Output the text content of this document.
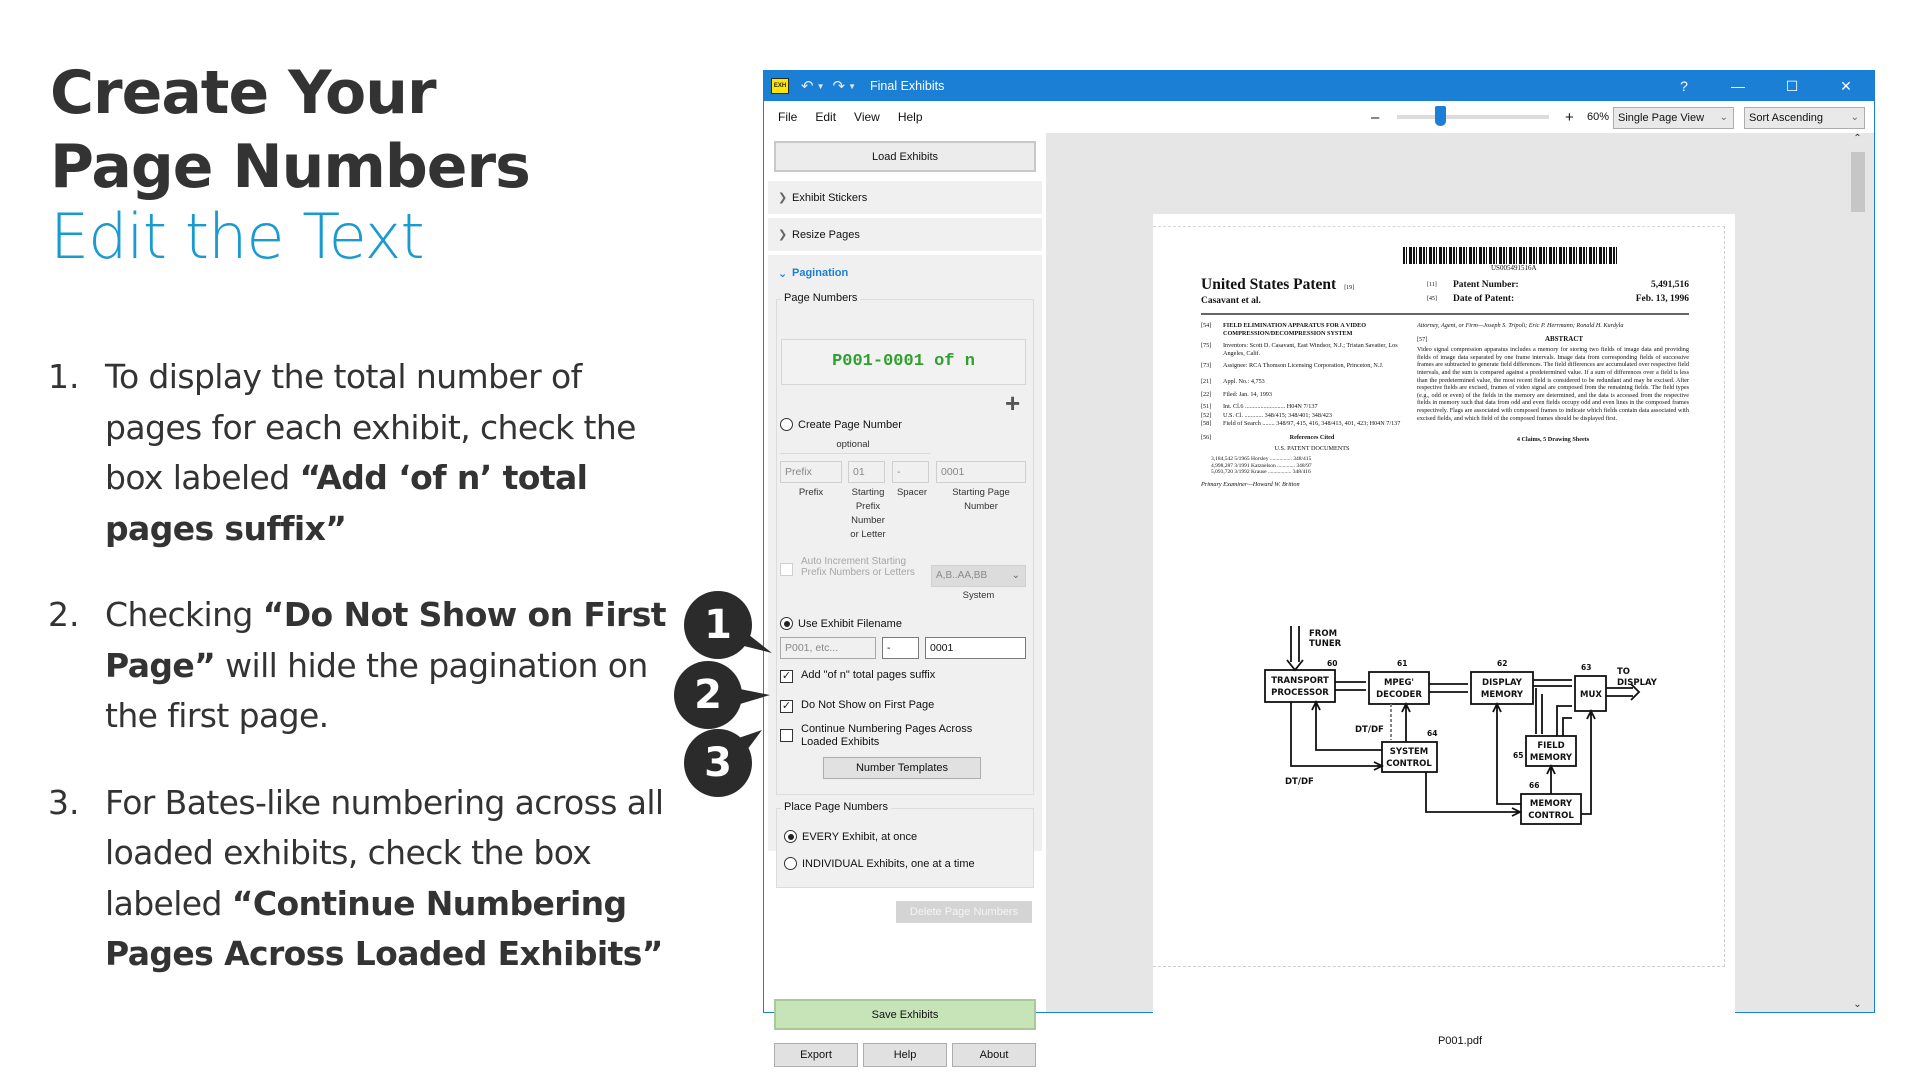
Create Your
Page Numbers
Edit the Text
1. To display the total number of pages for each exhibit, check the box labeled “Add ‘of n’ total pages suffix”
2. Checking “Do Not Show on First Page” will hide the pagination on the first page.
3. For Bates-like numbering across all loaded exhibits, check the box labeled “Continue Numbering Pages Across Loaded Exhibits”
EXH ↶ ▼ ↷ ▼ Final Exhibits	?	—	☐	✕
File	Edit	View	Help	–	+	60% Single Page View ⌄	Sort Ascending	⌄
Load Exhibits
❯ Exhibit Stickers
❯ Resize Pages
⌄ Pagination
Page Numbers
P001-0001 of n
+
Create Page Number
optional
Prefix	01	-	0001
Prefix	Starting Prefix Number or Letter
Spacer	Starting Page Number
Auto Increment Starting Prefix Numbers or Letters	A,B..AA,BB ⌄
System
Use Exhibit Filename
P001, etc...	-	0001
✓ Add "of n" total pages suffix
✓ Do Not Show on First Page
Continue Numbering Pages Across Loaded Exhibits
Number Templates
Place Page Numbers
EVERY Exhibit, at once
INDIVIDUAL Exhibits, one at a time
Delete Page Numbers
Save Exhibits
Export	Help	About
US005491516A
United States Patent [19]
Casavant et al.
[11]	Patent Number:	5,491,516
[45]	Date of Patent:	Feb. 13, 1996
[54]	FIELD ELIMINATION APPARATUS FOR A VIDEO COMPRESSION/DECOMPRESSION SYSTEM
[75]	Inventors: Scott D. Casavant, East Windsor, N.J.; Tristan Savatier, Los Angeles, Calif.
[73]	Assignee: RCA Thomson Licensing Corporation, Princeton, N.J.
[21]	Appl. No.: 4,753
[22]	Filed: Jan. 14, 1993
[51]	Int. Cl.6 .......................... H04N 7/137
[52]	U.S. Cl. ............ 348/415; 348/401; 348/423
[58]	Field of Search ........ 348/97, 415, 416, 348/413, 401, 423; H04N 7/137
[56]	References Cited
U.S. PATENT DOCUMENTS
3,184,542 5/1965 Horsley ................ 348/415
4,998,287 3/1991 Katznelson ............. 348/97
5,093,720 3/1992 Krause ................. 348/416
Primary Examiner—Howard W. Britton
Attorney, Agent, or Firm—Joseph S. Tripoli; Eric P. Herrmann; Ronald H. Kurdyla
[57]	ABSTRACT
Video signal compression apparatus includes a memory for storing two fields of image data and providing fields of image data separated by one frame intervals. Image data from corresponding fields of successive frames are subtracted to generate field differences. The field differences are accumulated over respective field intervals, and the sum is compared against a predetermined value. If a sum of differences over a field is less than the predetermined value, the most recent field is considered to be redundant and may be excised. After respective fields are excised, frames of video signal are composed from the remaining fields. The field types (e.g., odd or even) of the fields in the memory are determined, and the data is accessed from the respective fields in memory such that data from odd and even fields occupy odd and even lines in the composed frames respectively. Flags are associated with composed frames to indicate which fields contain data associated with excised fields, and which field of the composed frames should be displayed first.
4 Claims, 5 Drawing Sheets
FROM
TUNER
TRANSPORT
PROCESSOR
60
MPEG'
DECODER
61
DISPLAY
MEMORY
62
MUX
63	TO
DISPLAY
SYSTEM
CONTROL
64
DT/DF
DT/DF
FIELD
MEMORY
65
MEMORY
CONTROL
66
P001.pdf
⌃
⌄
1
2
3
